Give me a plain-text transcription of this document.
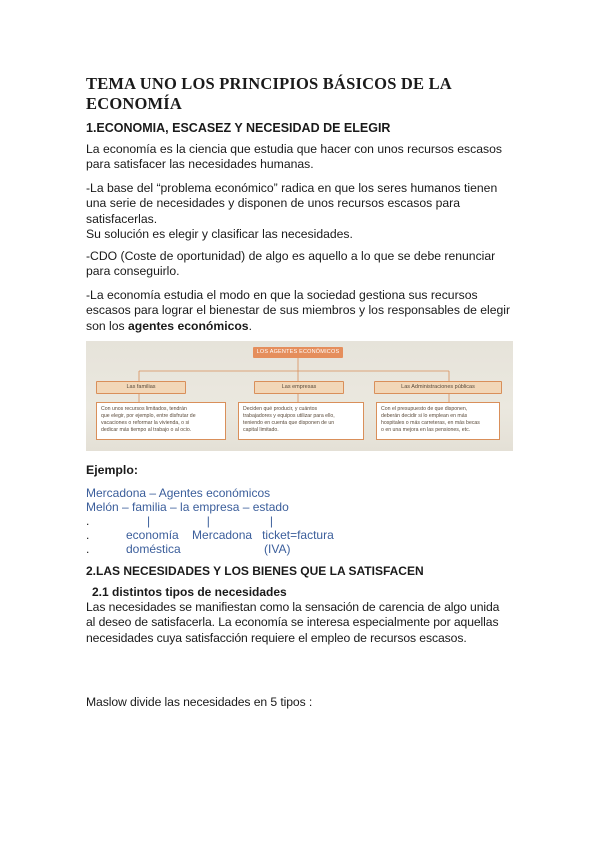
TEMA UNO LOS PRINCIPIOS BÁSICOS DE LA
ECONOMÍA
1.ECONOMIA, ESCASEZ Y NECESIDAD DE ELEGIR

La economía es la ciencia que estudia que hacer con unos recursos escasos
para satisfacer las necesidades humanas.

-La base del “problema económico” radica en que los seres humanos tienen
una serie de necesidades y disponen de unos recursos escasos para
satisfacerlas.
Su solución es elegir y clasificar las necesidades.

-CDO (Coste de oportunidad) de algo es aquello a lo que se debe renunciar
para conseguirlo.

-La economía estudia el modo en que la sociedad gestiona sus recursos
escasos para lograr el bienestar de sus miembros y los responsables de elegir
son los agentes económicos.

LOS AGENTES ECONÓMICOS
Las familias	Las empresas	Las Administraciones públicas
Con unos recursos limitados, tendrán
que elegir, por ejemplo, entre disfrutar de
vacaciones o reformar la vivienda, o si
dedicar más tiempo al trabajo o al ocio.
Deciden qué producir, y cuántos
trabajadores y equipos utilizar para ello,
teniendo en cuenta que disponen de un
capital limitado.
Con el presupuesto de que disponen,
deberán decidir si lo emplean en más
hospitales o más carreteras, en más becas
o en una mejora en las pensiones, etc.
Ejemplo:
Mercadona – Agentes económicos
Melón – familia – la empresa – estado
.	|                 |                  |
.	economía    Mercadona   ticket=factura
.	doméstica                         (IVA)
2.LAS NECESIDADES Y LOS BIENES QUE LA SATISFACEN
2.1 distintos tipos de necesidades

Las necesidades se manifiestan como la sensación de carencia de algo unida
al deseo de satisfacerla. La economía se interesa especialmente por aquellas
necesidades cuya satisfacción requiere el empleo de recursos escasos.

Maslow divide las necesidades en 5 tipos :
